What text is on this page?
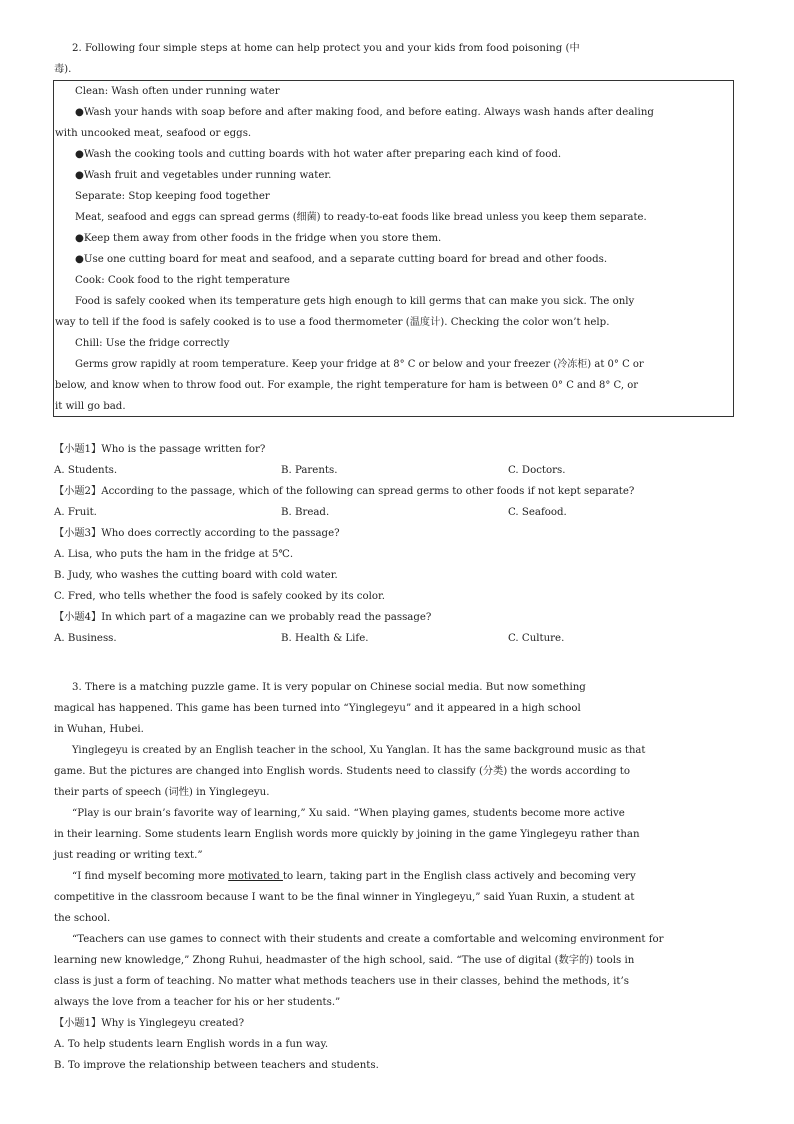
2. Following four simple steps at home can help protect you and your kids from food poisoning (中
毒).
Clean: Wash often under running water
●Wash your hands with soap before and after making food, and before eating. Always wash hands after dealing
with uncooked meat, seafood or eggs.
●Wash the cooking tools and cutting boards with hot water after preparing each kind of food.
●Wash fruit and vegetables under running water.
Separate: Stop keeping food together
Meat, seafood and eggs can spread germs (细菌) to ready-to-eat foods like bread unless you keep them separate.
●Keep them away from other foods in the fridge when you store them.
●Use one cutting board for meat and seafood, and a separate cutting board for bread and other foods.
Cook: Cook food to the right temperature
Food is safely cooked when its temperature gets high enough to kill germs that can make you sick. The only
way to tell if the food is safely cooked is to use a food thermometer (温度计). Checking the color won’t help.
Chill: Use the fridge correctly
Germs grow rapidly at room temperature. Keep your fridge at 8° C or below and your freezer (冷冻柜) at 0° C or
below, and know when to throw food out. For example, the right temperature for ham is between 0° C and 8° C, or
it will go bad.
【小题1】Who is the passage written for?
A. Students.	B. Parents.	C. Doctors.
【小题2】According to the passage, which of the following can spread germs to other foods if not kept separate?
A. Fruit.	B. Bread.	C. Seafood.
【小题3】Who does correctly according to the passage?
A. Lisa, who puts the ham in the fridge at 5℃.
B. Judy, who washes the cutting board with cold water.
C. Fred, who tells whether the food is safely cooked by its color.
【小题4】In which part of a magazine can we probably read the passage?
A. Business.	B. Health & Life.	C. Culture.
3. There is a matching puzzle game. It is very popular on Chinese social media. But now something
magical has happened. This game has been turned into “Yinglegeyu” and it appeared in a high school
in Wuhan, Hubei.
Yinglegeyu is created by an English teacher in the school, Xu Yanglan. It has the same background music as that
game. But the pictures are changed into English words. Students need to classify (分类) the words according to
their parts of speech (词性) in Yinglegeyu.
“Play is our brain’s favorite way of learning,” Xu said. “When playing games, students become more active
in their learning. Some students learn English words more quickly by joining in the game Yinglegeyu rather than
just reading or writing text.”
“I find myself becoming more motivated to learn, taking part in the English class actively and becoming very
competitive in the classroom because I want to be the final winner in Yinglegeyu,” said Yuan Ruxin, a student at
the school.
“Teachers can use games to connect with their students and create a comfortable and welcoming environment for
learning new knowledge,” Zhong Ruhui, headmaster of the high school, said. “The use of digital (数字的) tools in
class is just a form of teaching. No matter what methods teachers use in their classes, behind the methods, it’s
always the love from a teacher for his or her students.”
【小题1】Why is Yinglegeyu created?
A. To help students learn English words in a fun way.
B. To improve the relationship between teachers and students.
